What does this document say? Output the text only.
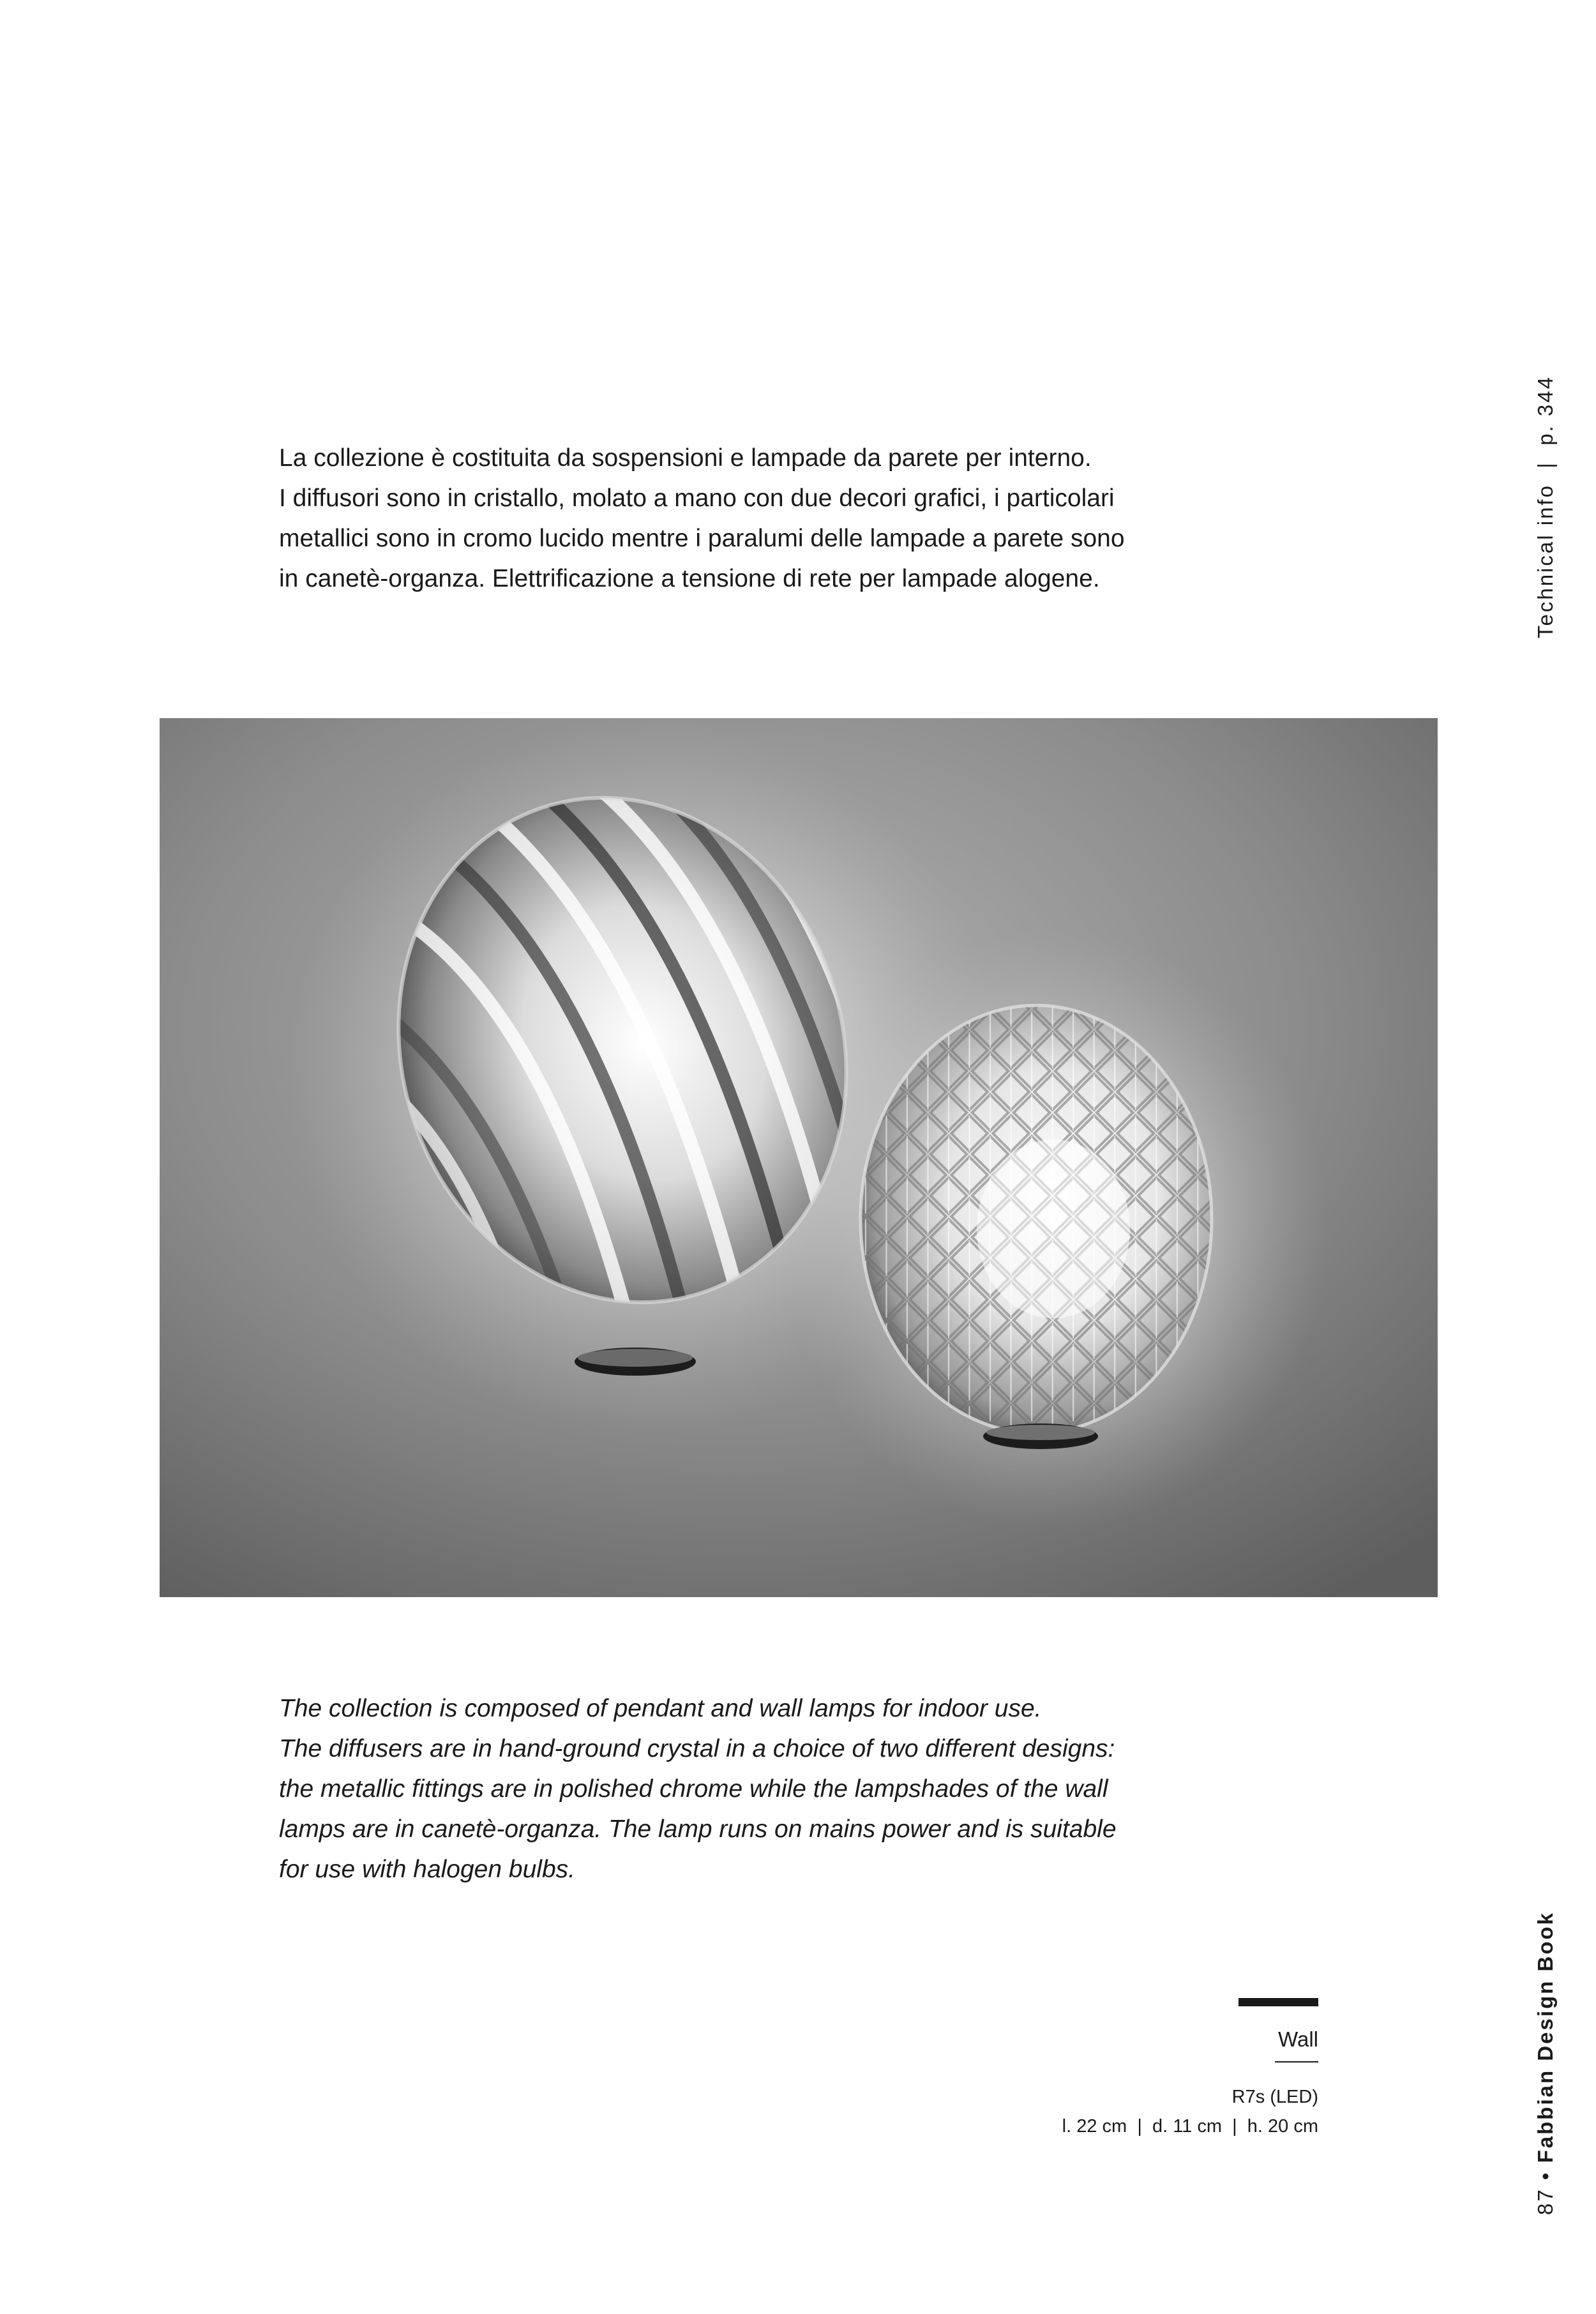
La collezione è costituita da sospensioni e lampade da parete per interno.

I diffusori sono in cristallo, molato a mano con due decori grafici, i particolari

metallici sono in cromo lucido mentre i paralumi delle lampade a parete sono

in canetè-organza. Elettrificazione a tensione di rete per lampade alogene.

The collection is composed of pendant and wall lamps for indoor use.

The diffusers are in hand-ground crystal in a choice of two different designs:

the metallic fittings are in polished chrome while the lampshades of the wall

lamps are in canetè-organza. The lamp runs on mains power and is suitable

for use with halogen bulbs.

Wall
R7s (LED)
l. 22 cm  |  d. 11 cm  |  h. 20 cm
Technical info  |  p. 344
87 • Fabbian Design Book
